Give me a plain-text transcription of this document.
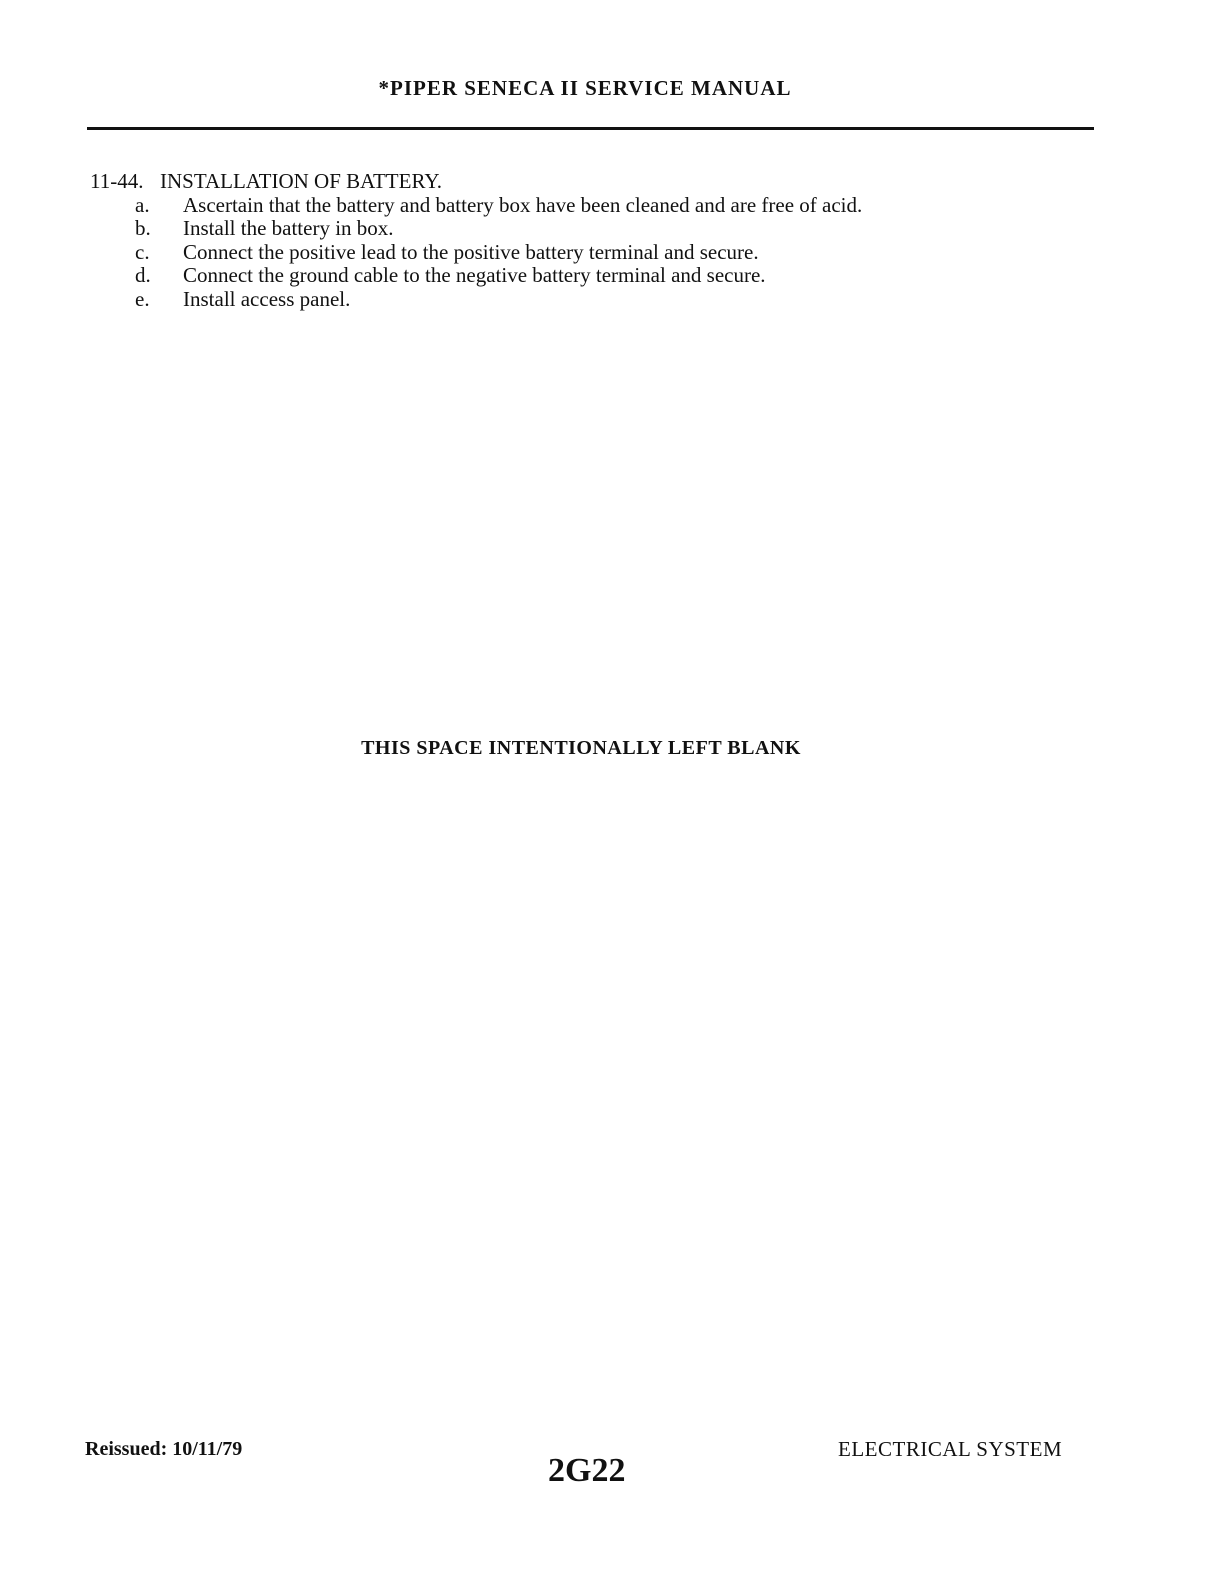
*PIPER SENECA II SERVICE MANUAL
11-44. INSTALLATION OF BATTERY.
a.	Ascertain that the battery and battery box have been cleaned and are free of acid.
b.	Install the battery in box.
c.	Connect the positive lead to the positive battery terminal and secure.
d.	Connect the ground cable to the negative battery terminal and secure.
e.	Install access panel.
THIS SPACE INTENTIONALLY LEFT BLANK
Reissued: 10/11/79
2G22
ELECTRICAL SYSTEM
